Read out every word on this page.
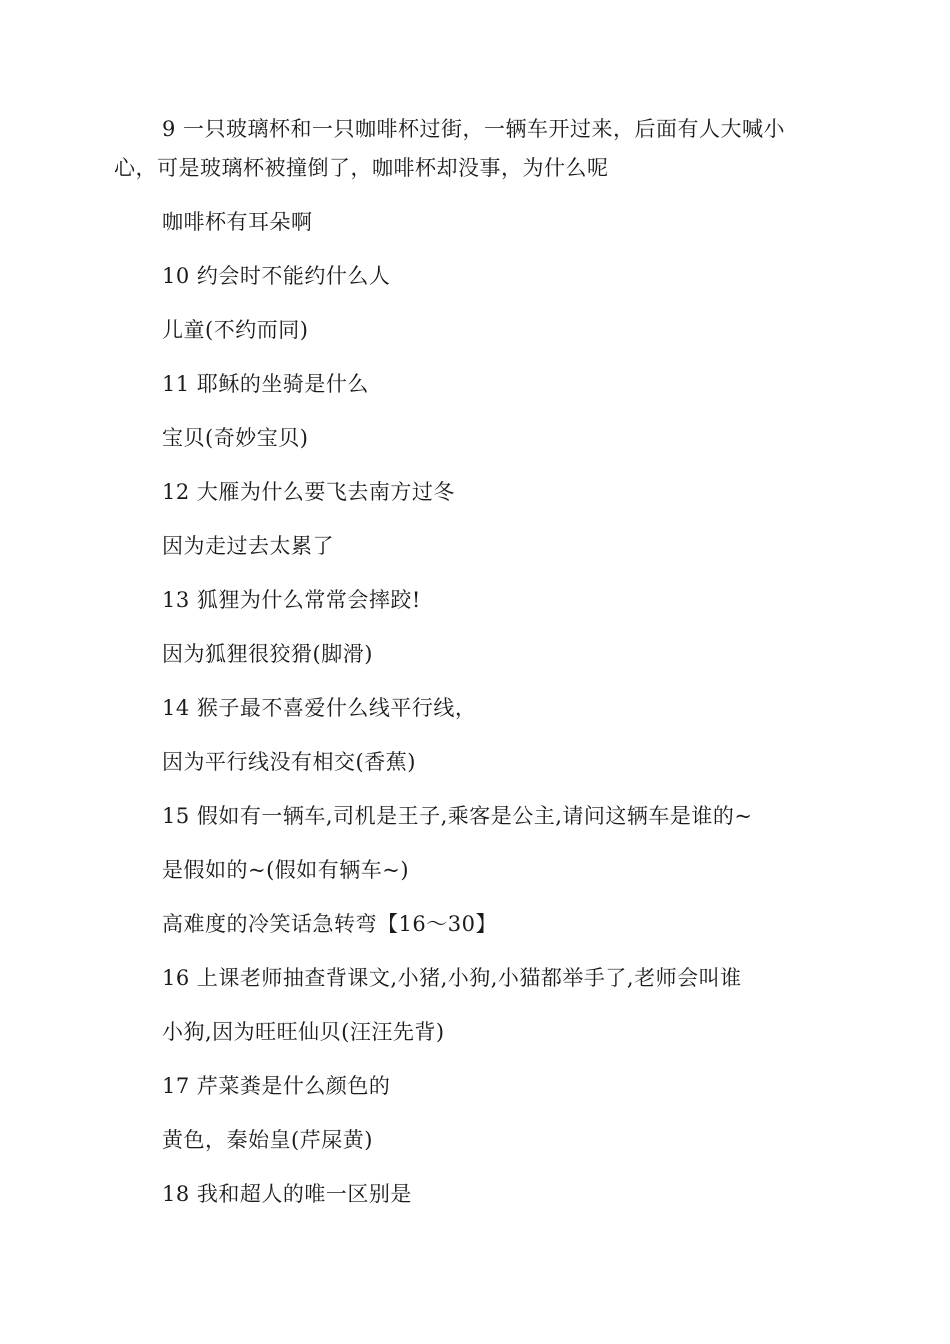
9 一只玻璃杯和一只咖啡杯过街，一辆车开过来，后面有人大喊小
心，可是玻璃杯被撞倒了，咖啡杯却没事，为什么呢
咖啡杯有耳朵啊
10 约会时不能约什么人
儿童(不约而同)
11 耶稣的坐骑是什么
宝贝(奇妙宝贝)
12 大雁为什么要飞去南方过冬
因为走过去太累了
13 狐狸为什么常常会摔跤!
因为狐狸很狡猾(脚滑)
14 猴子最不喜爱什么线平行线，
因为平行线没有相交(香蕉)
15 假如有一辆车,司机是王子,乘客是公主,请问这辆车是谁的~
是假如的~(假如有辆车~)
高难度的冷笑话急转弯【16～30】
16 上课老师抽查背课文,小猪,小狗,小猫都举手了,老师会叫谁
小狗,因为旺旺仙贝(汪汪先背)
17 芹菜粪是什么颜色的
黄色，秦始皇(芹屎黄)
18 我和超人的唯一区别是
